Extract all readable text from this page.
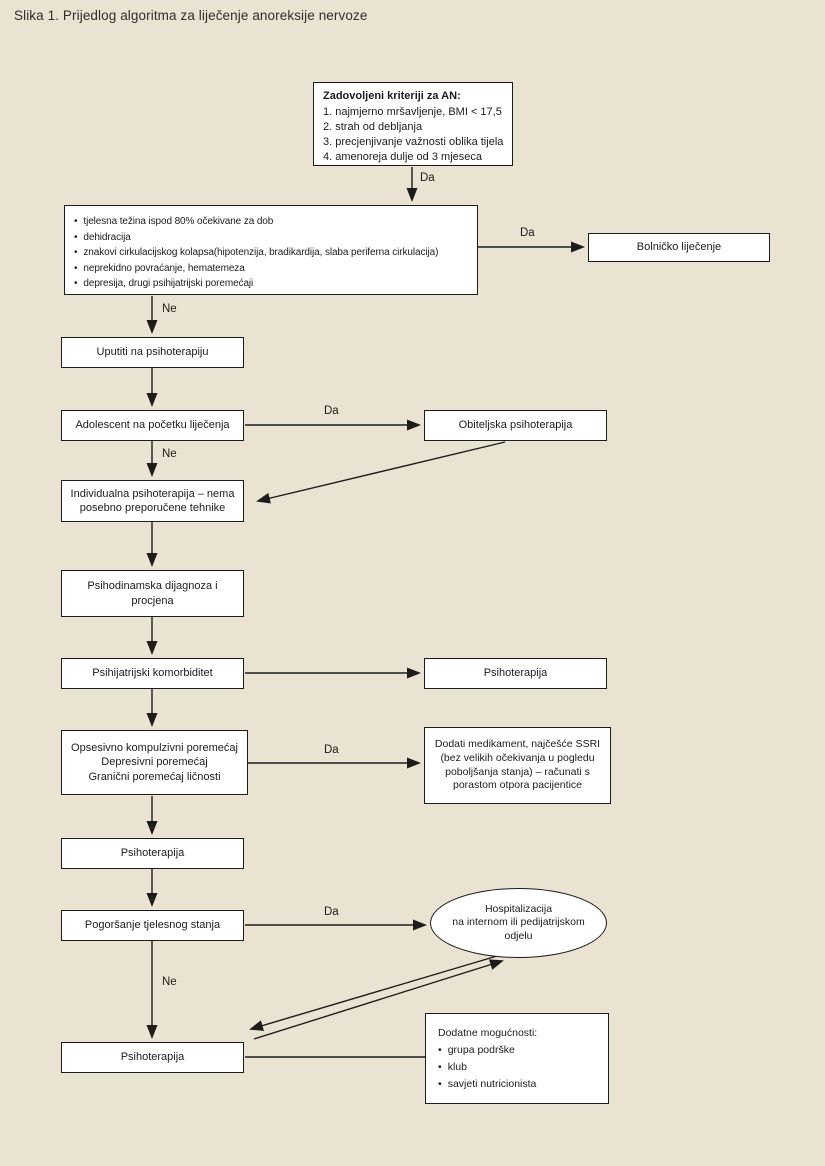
Slika 1. Prijedlog algoritma za liječenje anoreksije nervoze
Da
Da
Ne
Da
Ne
Da
Da
Ne
Zadovoljeni kriteriji za AN:
1. najmjerno mršavljenje, BMI < 17,5
2. strah od debljanja
3. precjenjivanje važnosti oblika tijela
4. amenoreja dulje od 3 mjeseca
• tjelesna težina ispod 80% očekivane za dob
• dehidracija
• znakovi cirkulacijskog kolapsa(hipotenzija, bradikardija, slaba periferna cirkulacija)
• neprekidno povraćanje, hematemeza
• depresija, drugi psihijatrijski poremećaji
Bolničko liječenje
Uputiti na psihoterapiju
Adolescent na početku liječenja	Obiteljska psihoterapija
Individualna psihoterapija – nema
posebno preporučene tehnike
Psihodinamska dijagnoza i
procjena
Psihijatrijski komorbiditet	Psihoterapija
Opsesivno kompulzivni poremećaj
Depresivni poremećaj
Granični poremećaj ličnosti
Dodati medikament, najčešće SSRI
(bez velikih očekivanja u pogledu
poboljšanja stanja) – računati s
porastom otpora pacijentice
Psihoterapija
Pogoršanje tjelesnog stanja
Hospitalizacija
na internom ili pedijatrijskom
odjelu
Psihoterapija
Dodatne mogućnosti:
• grupa podrške
• klub
• savjeti nutricionista
